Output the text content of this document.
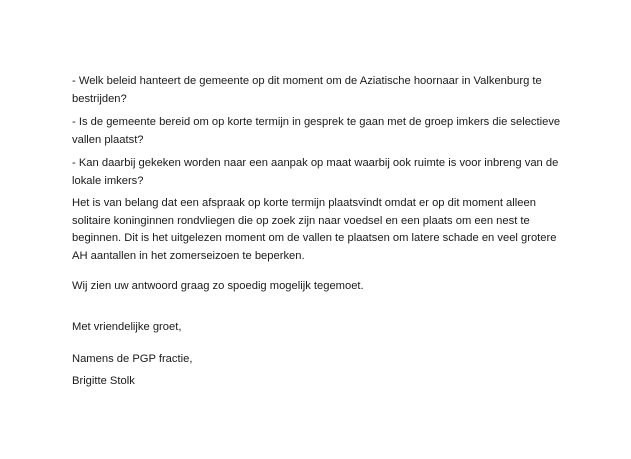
- Welk beleid hanteert de gemeente op dit moment om de Aziatische hoornaar in Valkenburg te bestrijden?

- Is de gemeente bereid om op korte termijn in gesprek te gaan met de groep imkers die selectieve vallen plaatst?

- Kan daarbij gekeken worden naar een aanpak op maat waarbij ook ruimte is voor inbreng van de lokale imkers?

Het is van belang dat een afspraak op korte termijn plaatsvindt omdat er op dit moment alleen solitaire koninginnen rondvliegen die op zoek zijn naar voedsel en een plaats om een nest te beginnen. Dit is het uitgelezen moment om de vallen te plaatsen om latere schade en veel grotere AH aantallen in het zomerseizoen te beperken.

Wij zien uw antwoord graag zo spoedig mogelijk tegemoet.

Met vriendelijke groet,

Namens de PGP fractie,

Brigitte Stolk
